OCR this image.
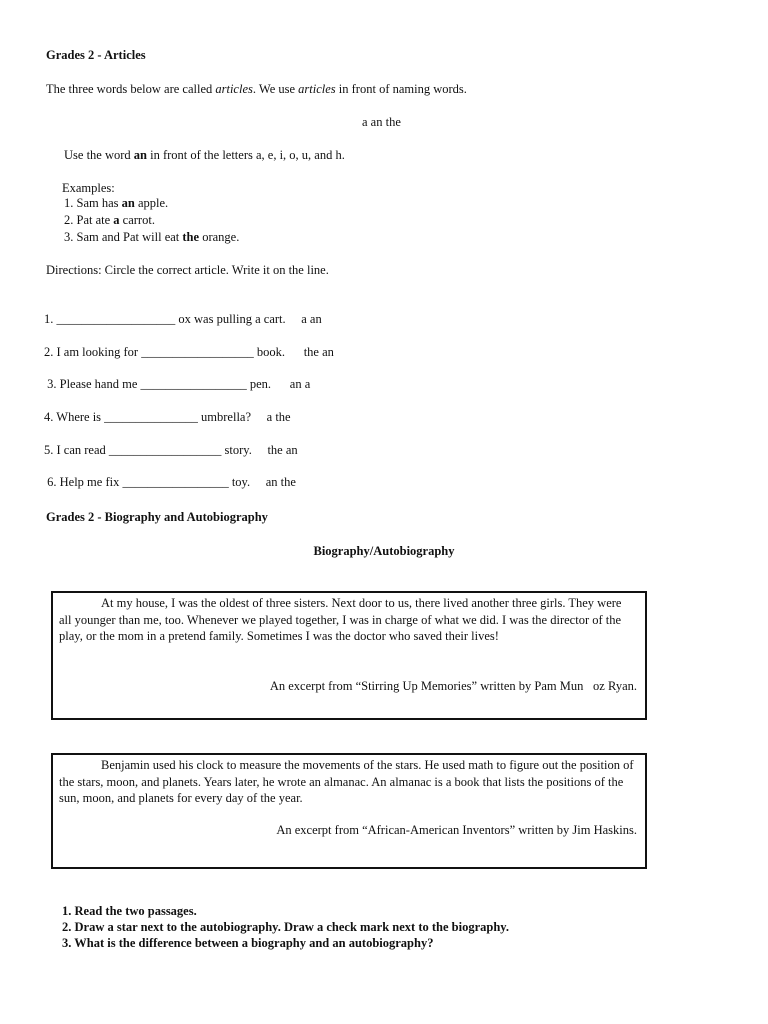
Grades 2 - Articles
The three words below are called articles. We use articles in front of naming words.
a an the
Use the word an in front of the letters a, e, i, o, u, and h.
Examples:
1. Sam has an apple.
2. Pat ate a carrot.
3. Sam and Pat will eat the orange.
Directions: Circle the correct article. Write it on the line.
1. ___________________ ox was pulling a cart.     a an
2. I am looking for __________________ book.      the an
3. Please hand me _________________ pen.      an a
4. Where is _______________ umbrella?     a the
5. I can read __________________ story.     the an
6. Help me fix _________________ toy.     an the
Grades 2 - Biography and Autobiography
Biography/Autobiography
At my house, I was the oldest of three sisters. Next door to us, there lived another three girls. They were all younger than me, too. Whenever we played together, I was in charge of what we did. I was the director of the play, or the mom in a pretend family. Sometimes I was the doctor who saved their lives!
An excerpt from “Stirring Up Memories” written by Pam Mun oz Ryan.
Benjamin used his clock to measure the movements of the stars. He used math to figure out the position of the stars, moon, and planets. Years later, he wrote an almanac. An almanac is a book that lists the positions of the sun, moon, and planets for every day of the year.
An excerpt from “African-American Inventors” written by Jim Haskins.
1. Read the two passages.
2. Draw a star next to the autobiography. Draw a check mark next to the biography.
3. What is the difference between a biography and an autobiography?
